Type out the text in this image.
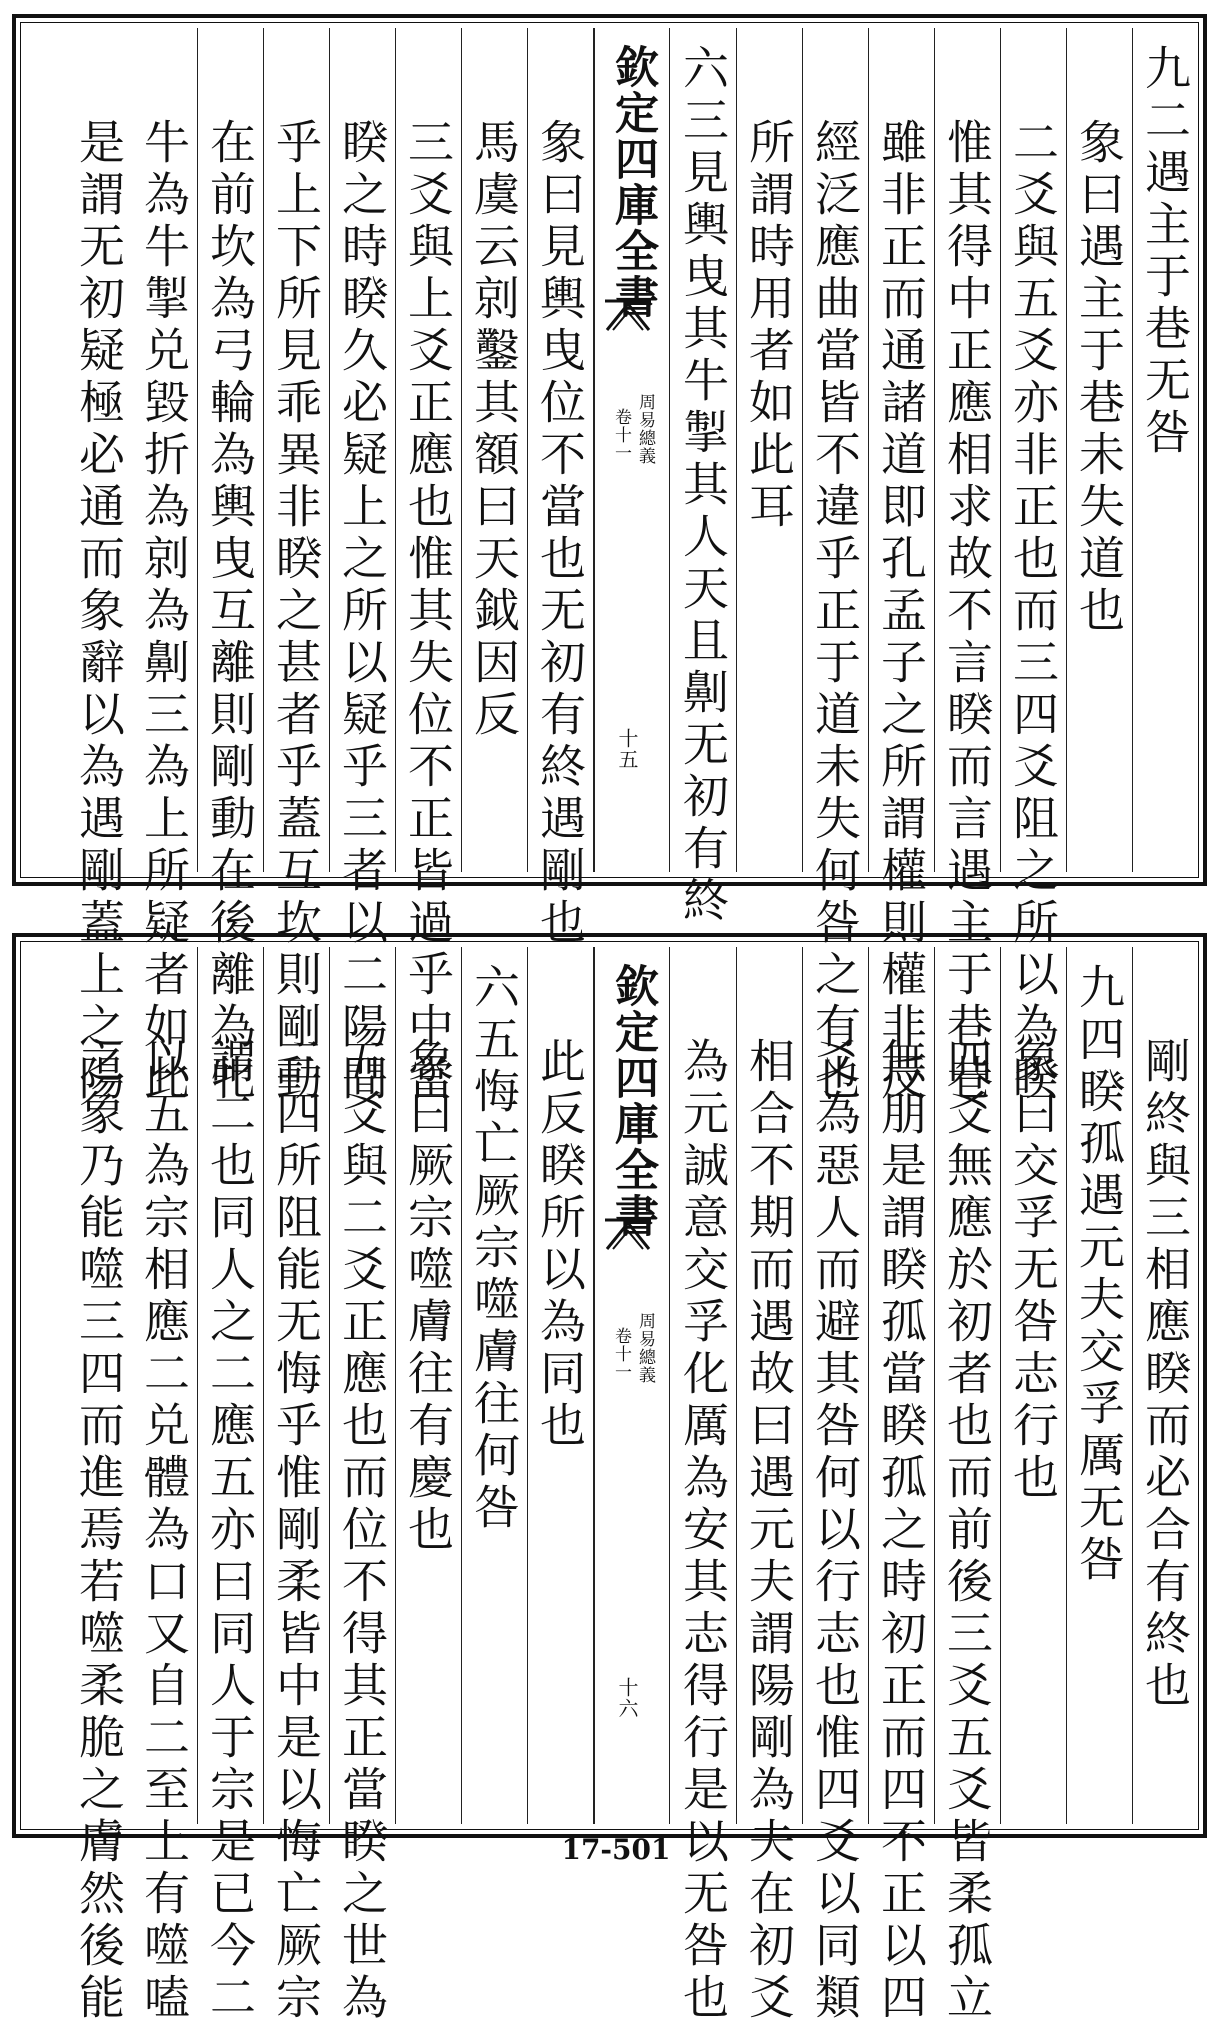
九二遇主于巷无咎
象曰遇主于巷未失道也
二爻與五爻亦非正也而三四爻阻之所以為睽
惟其得中正應相求故不言睽而言遇主于巷巷
雖非正而通諸道即孔孟子之所謂權則權非反
經泛應曲當皆不違乎正于道未失何咎之有也
所謂時用者如此耳
六三見輿曳其牛掣其人天且劓无初有終
欽定四庫全書
周易總義
卷十一
十五
象曰見輿曳位不當也无初有終遇剛也
馬虞云剠鑿其額曰天鉞因反
三爻與上爻正應也惟其失位不正皆過乎中當
睽之時睽久必疑上之所以疑乎三者以二陽間
乎上下所見乖異非睽之甚者乎蓋互坎則剛動
在前坎為弓輪為輿曳互離則剛動在後離為牝
牛為牛掣兑毀折為剠為劓三為上所疑者如此
是謂无初疑極必通而象辭以為遇剛蓋上之陽
剛終與三相應睽而必合有終也
九四睽孤遇元夫交孚厲无咎
象曰交孚无咎志行也
四爻無應於初者也而前後三爻五爻皆柔孤立
無朋是謂睽孤當睽孤之時初正而四不正以四
爻為惡人而避其咎何以行志也惟四爻以同類
相合不期而遇故曰遇元夫謂陽剛為夫在初爻
為元誠意交孚化厲為安其志得行是以无咎也
欽定四庫全書
周易總義
卷十一
十六
此反睽所以為同也
六五悔亡厥宗噬膚往何咎
象曰厥宗噬膚往有慶也
五爻與二爻正應也而位不得其正當睽之世為
三四所阻能无悔乎惟剛柔皆中是以悔亡厥宗
謂二也同人之二應五亦曰同人于宗是已今二
以五為宗相應二兑體為口又自二至上有噬嗑
之象乃能噬三四而進焉若噬柔脆之膚然後能	17-501
